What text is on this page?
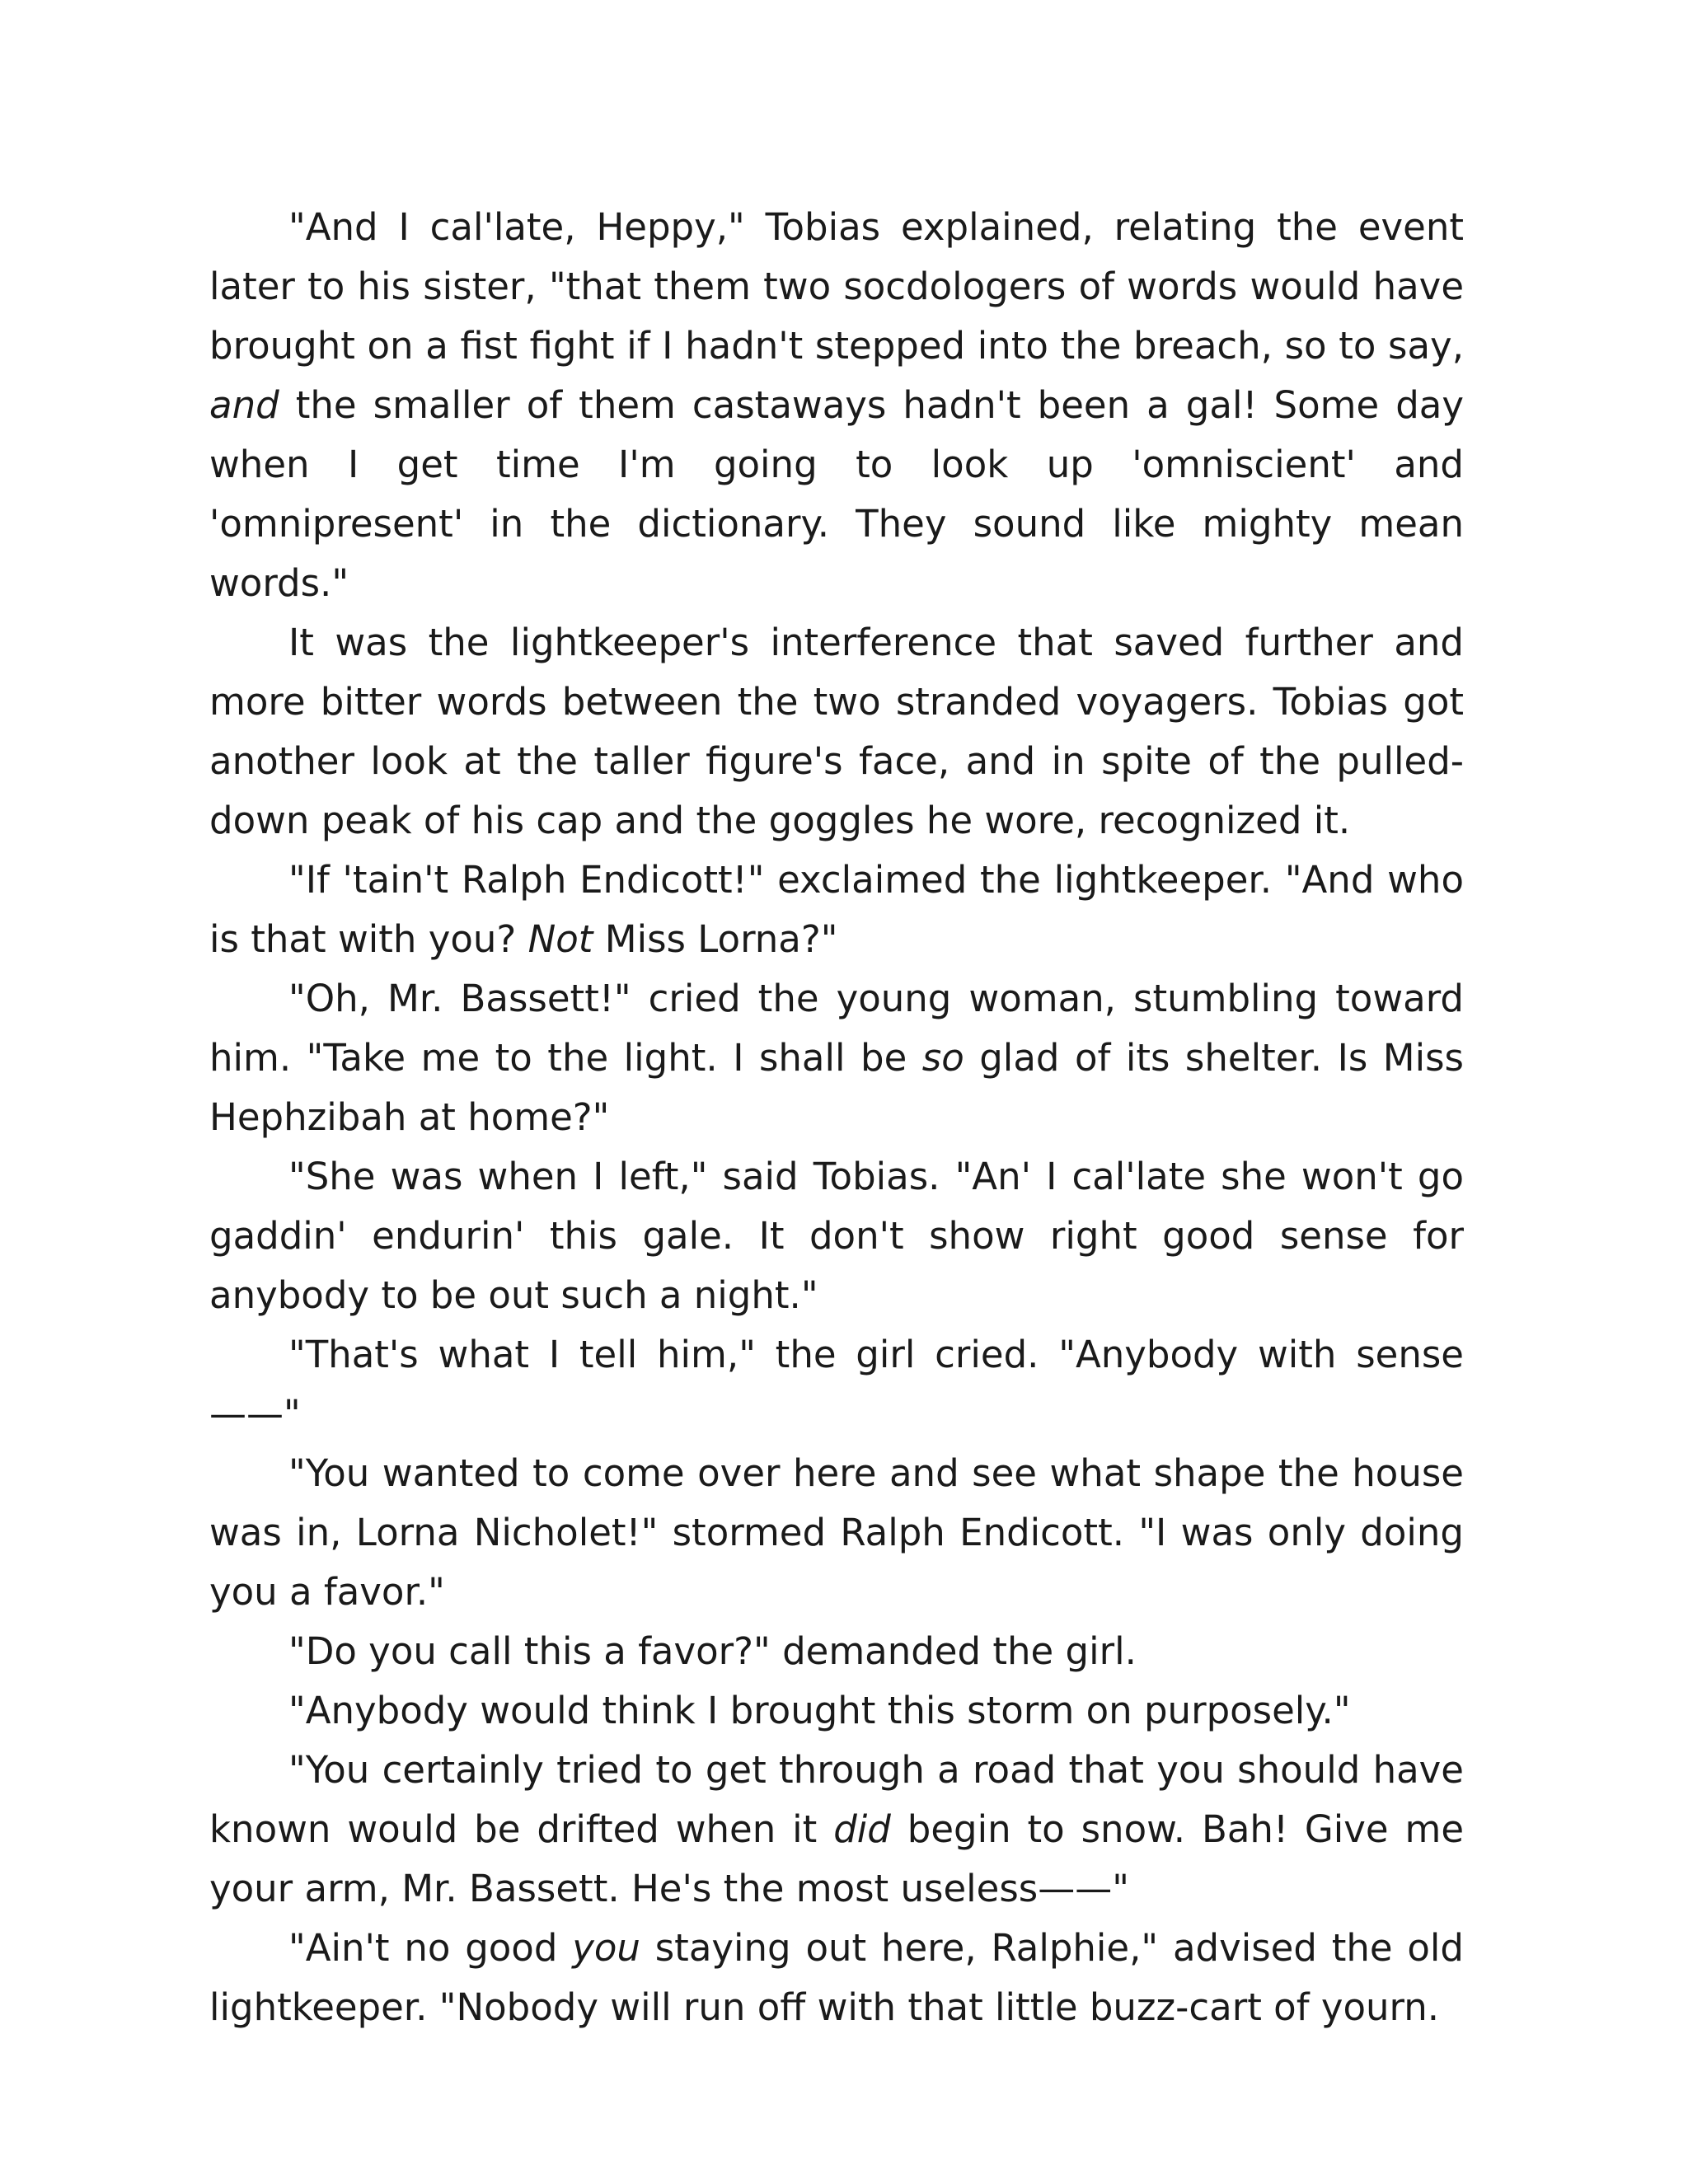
"And I cal'late, Heppy," Tobias explained, relating the event later to his sister, "that them two socdologers of words would have brought on a fist fight if I hadn't stepped into the breach, so to say, and the smaller of them castaways hadn't been a gal! Some day when I get time I'm going to look up 'omniscient' and 'omnipresent' in the dictionary. They sound like mighty mean words."

It was the lightkeeper's interference that saved further and more bitter words between the two stranded voyagers. Tobias got another look at the taller figure's face, and in spite of the pulled-down peak of his cap and the goggles he wore, recognized it.

"If 'tain't Ralph Endicott!" exclaimed the lightkeeper. "And who is that with you? Not Miss Lorna?"

"Oh, Mr. Bassett!" cried the young woman, stumbling toward him. "Take me to the light. I shall be so glad of its shelter. Is Miss Hephzibah at home?"

"She was when I left," said Tobias. "An' I cal'late she won't go gaddin' endurin' this gale. It don't show right good sense for anybody to be out such a night."

"That's what I tell him," the girl cried. "Anybody with sense——"

"You wanted to come over here and see what shape the house was in, Lorna Nicholet!" stormed Ralph Endicott. "I was only doing you a favor."

"Do you call this a favor?" demanded the girl.

"Anybody would think I brought this storm on purposely."

"You certainly tried to get through a road that you should have known would be drifted when it did begin to snow. Bah! Give me your arm, Mr. Bassett. He's the most useless——"

"Ain't no good you staying out here, Ralphie," advised the old lightkeeper. "Nobody will run off with that little buzz-cart of yourn.
